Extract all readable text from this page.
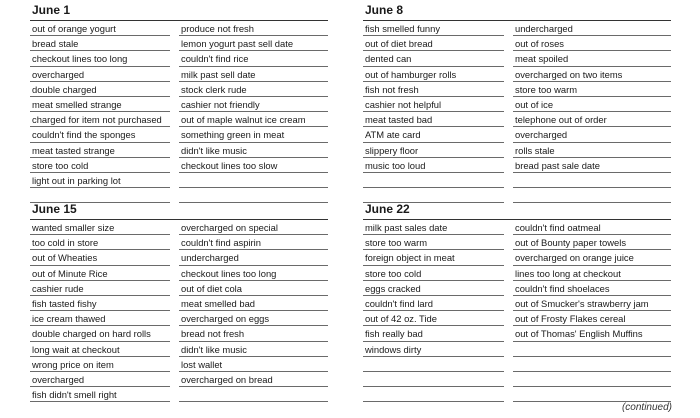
June 1
out of orange yogurt
bread stale
checkout lines too long
overcharged
double charged
meat smelled strange
charged for item not purchased
couldn't find the sponges
meat tasted strange
store too cold
light out in parking lot
produce not fresh
lemon yogurt past sell date
couldn't find rice
milk past sell date
stock clerk rude
cashier not friendly
out of maple walnut ice cream
something green in meat
didn't like music
checkout lines too slow
June 8
fish smelled funny
out of diet bread
dented can
out of hamburger rolls
fish not fresh
cashier not helpful
meat tasted bad
ATM ate card
slippery floor
music too loud
undercharged
out of roses
meat spoiled
overcharged on two items
store too warm
out of ice
telephone out of order
overcharged
rolls stale
bread past sale date
June 15
wanted smaller size
too cold in store
out of Wheaties
out of Minute Rice
cashier rude
fish tasted fishy
ice cream thawed
double charged on hard rolls
long wait at checkout
wrong price on item
overcharged
fish didn't smell right
overcharged on special
couldn't find aspirin
undercharged
checkout lines too long
out of diet cola
meat smelled bad
overcharged on eggs
bread not fresh
didn't like music
lost wallet
overcharged on bread
June 22
milk past sales date
store too warm
foreign object in meat
store too cold
eggs cracked
couldn't find lard
out of 42 oz. Tide
fish really bad
windows dirty
couldn't find oatmeal
out of Bounty paper towels
overcharged on orange juice
lines too long at checkout
couldn't find shoelaces
out of Smucker's strawberry jam
out of Frosty Flakes cereal
out of Thomas' English Muffins
(continued)
